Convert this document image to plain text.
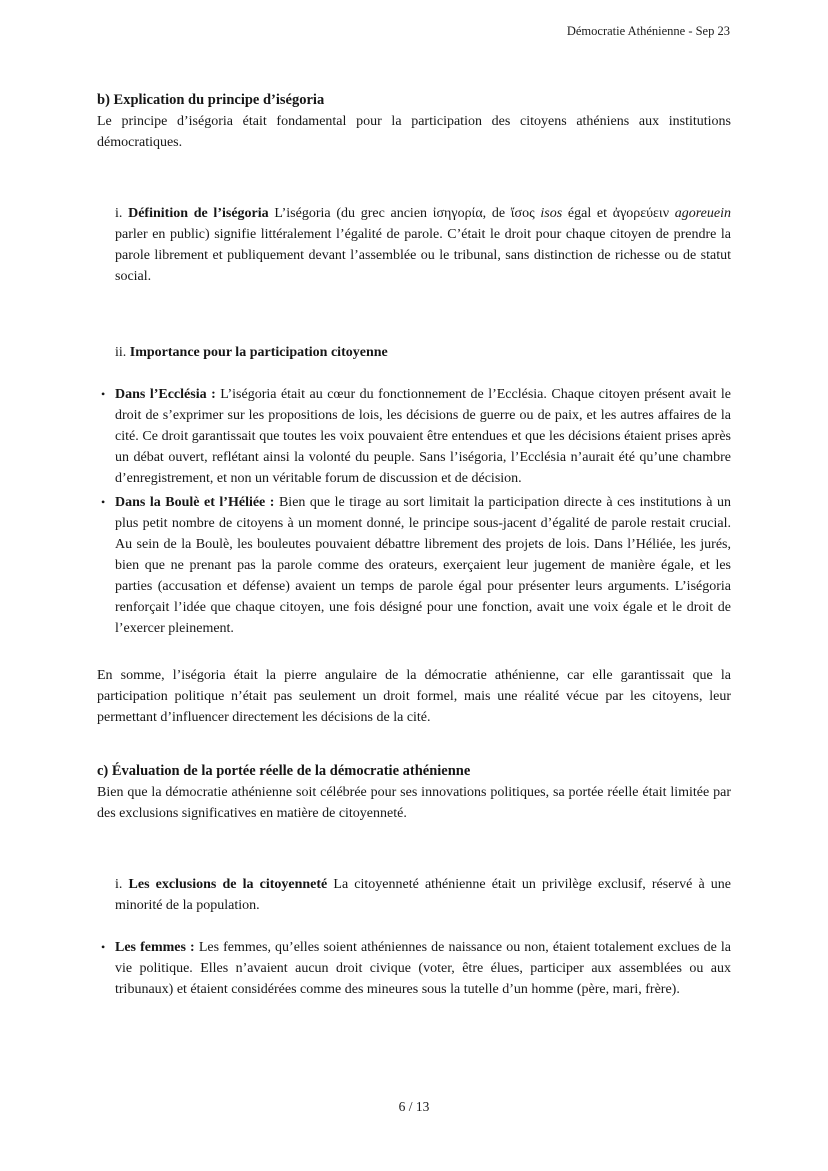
Démocratie Athénienne - Sep 23

b) Explication du principe d’iségoria

Le principe d’iségoria était fondamental pour la participation des citoyens athéniens aux institutions démocratiques.

i. Définition de l’iségoria L’iségoria (du grec ancien ἰσηγορία, de ἴσος isos égal et ἀγορεύειν agoreuein parler en public) signifie littéralement l’égalité de parole. C’était le droit pour chaque citoyen de prendre la parole librement et publiquement devant l’assemblée ou le tribunal, sans distinction de richesse ou de statut social.

ii. Importance pour la participation citoyenne

• Dans l’Ecclésia : L’iségoria était au cœur du fonctionnement de l’Ecclésia. Chaque citoyen présent avait le droit de s’exprimer sur les propositions de lois, les décisions de guerre ou de paix, et les autres affaires de la cité. Ce droit garantissait que toutes les voix pouvaient être entendues et que les décisions étaient prises après un débat ouvert, reflétant ainsi la volonté du peuple. Sans l’iségoria, l’Ecclésia n’aurait été qu’une chambre d’enregistrement, et non un véritable forum de discussion et de décision.
• Dans la Boulè et l’Héliée : Bien que le tirage au sort limitait la participation directe à ces institutions à un plus petit nombre de citoyens à un moment donné, le principe sous-jacent d’égalité de parole restait crucial. Au sein de la Boulè, les bouleutes pouvaient débattre librement des projets de lois. Dans l’Héliée, les jurés, bien que ne prenant pas la parole comme des orateurs, exerçaient leur jugement de manière égale, et les parties (accusation et défense) avaient un temps de parole égal pour présenter leurs arguments. L’iségoria renforçait l’idée que chaque citoyen, une fois désigné pour une fonction, avait une voix égale et le droit de l’exercer pleinement.

En somme, l’iségoria était la pierre angulaire de la démocratie athénienne, car elle garantissait que la participation politique n’était pas seulement un droit formel, mais une réalité vécue par les citoyens, leur permettant d’influencer directement les décisions de la cité.

c) Évaluation de la portée réelle de la démocratie athénienne

Bien que la démocratie athénienne soit célébrée pour ses innovations politiques, sa portée réelle était limitée par des exclusions significatives en matière de citoyenneté.

i. Les exclusions de la citoyenneté La citoyenneté athénienne était un privilège exclusif, réservé à une minorité de la population.

• Les femmes : Les femmes, qu’elles soient athéniennes de naissance ou non, étaient totalement exclues de la vie politique. Elles n’avaient aucun droit civique (voter, être élues, participer aux assemblées ou aux tribunaux) et étaient considérées comme des mineures sous la tutelle d’un homme (père, mari, frère).
6 / 13
